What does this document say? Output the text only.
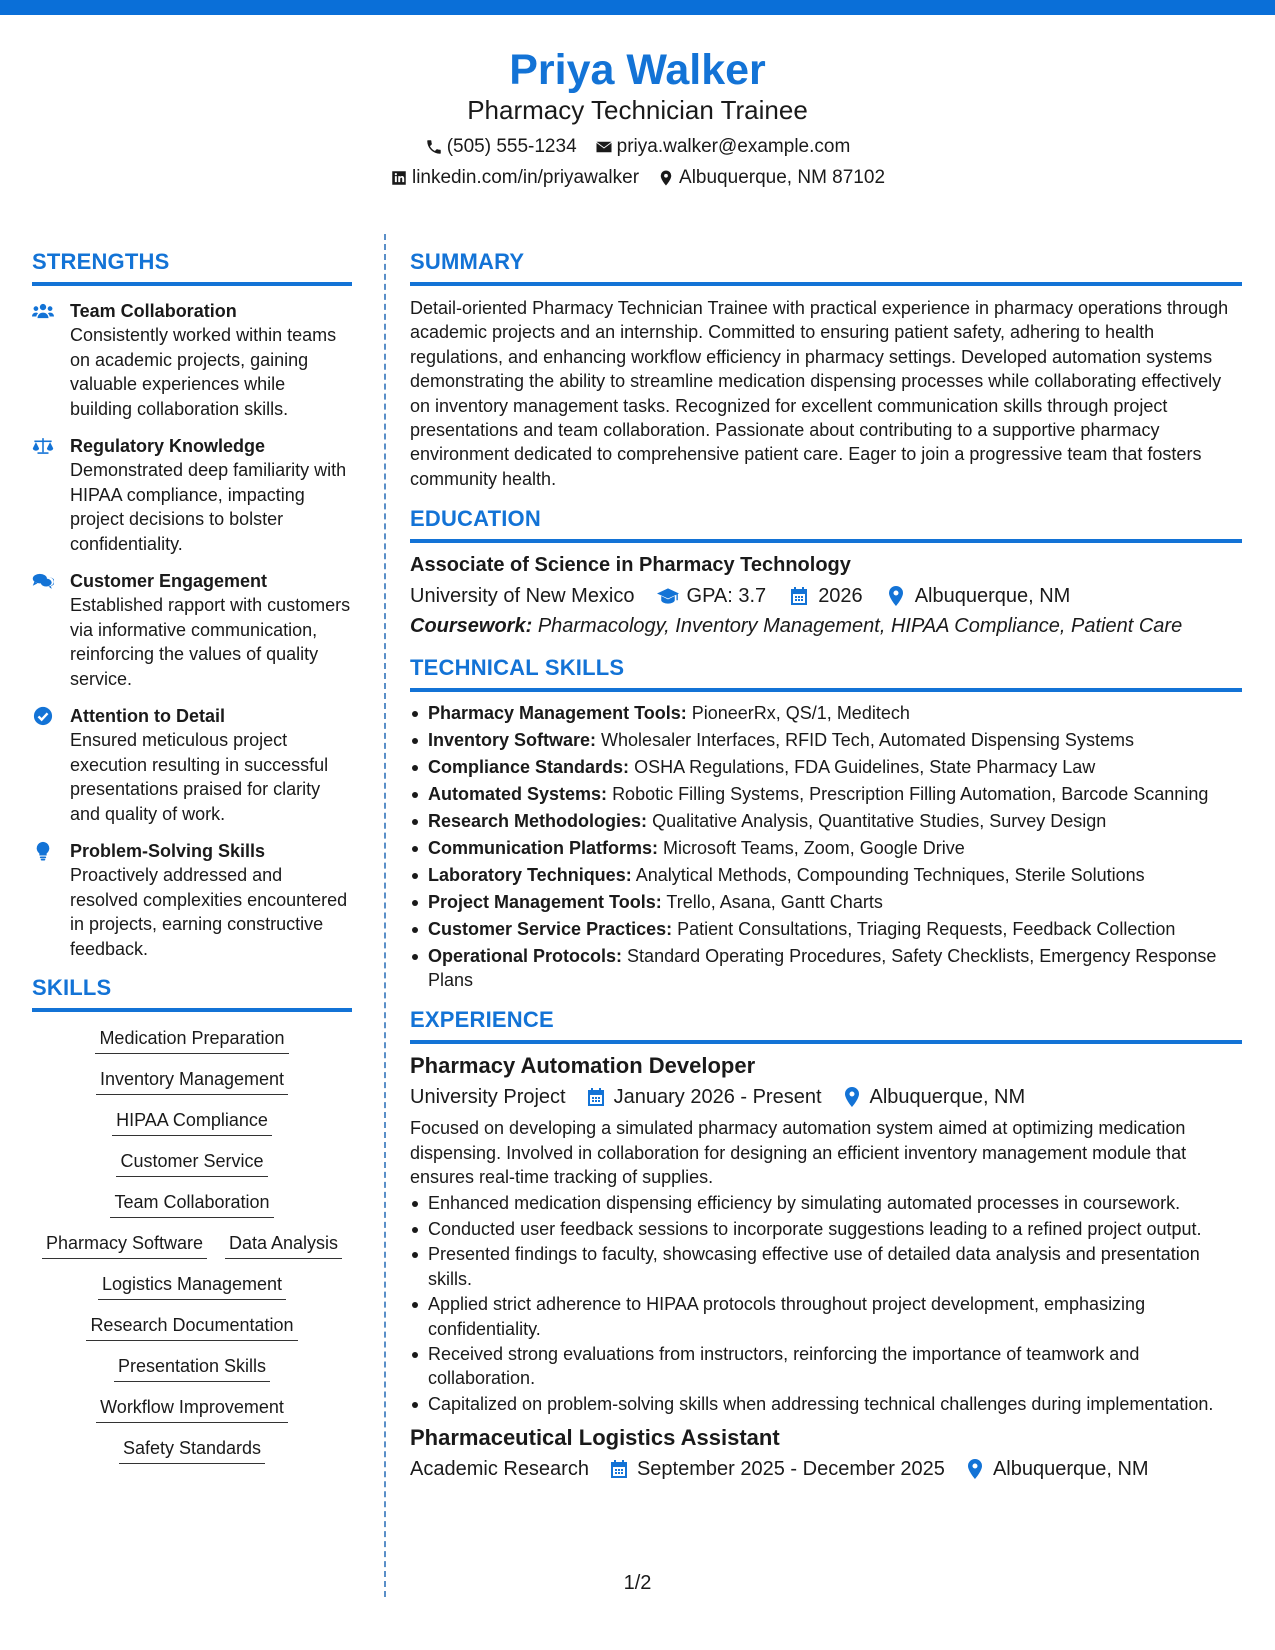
Priya Walker
Pharmacy Technician Trainee
(505) 555-1234 priya.walker@example.com
linkedin.com/in/priyawalker Albuquerque, NM 87102
STRENGTHS
Team Collaboration
Consistently worked within teams on academic projects, gaining valuable experiences while building collaboration skills.
Regulatory Knowledge
Demonstrated deep familiarity with HIPAA compliance, impacting project decisions to bolster confidentiality.
Customer Engagement
Established rapport with customers via informative communication, reinforcing the values of quality service.
Attention to Detail
Ensured meticulous project execution resulting in successful presentations praised for clarity and quality of work.
Problem-Solving Skills
Proactively addressed and resolved complexities encountered in projects, earning constructive feedback.
SKILLS
Medication Preparation
Inventory Management
HIPAA Compliance
Customer Service
Team Collaboration
Pharmacy Software Data Analysis
Logistics Management
Research Documentation
Presentation Skills
Workflow Improvement
Safety Standards
SUMMARY

Detail-oriented Pharmacy Technician Trainee with practical experience in pharmacy operations through academic projects and an internship. Committed to ensuring patient safety, adhering to health regulations, and enhancing workflow efficiency in pharmacy settings. Developed automation systems demonstrating the ability to streamline medication dispensing processes while collaborating effectively on inventory management tasks. Recognized for excellent communication skills through project presentations and team collaboration. Passionate about contributing to a supportive pharmacy environment dedicated to comprehensive patient care. Eager to join a progressive team that fosters community health.

EDUCATION
Associate of Science in Pharmacy Technology
University of New Mexico	GPA: 3.7	2026	Albuquerque, NM
Coursework: Pharmacology, Inventory Management, HIPAA Compliance, Patient Care
TECHNICAL SKILLS
Pharmacy Management Tools: PioneerRx, QS/1, Meditech
Inventory Software: Wholesaler Interfaces, RFID Tech, Automated Dispensing Systems
Compliance Standards: OSHA Regulations, FDA Guidelines, State Pharmacy Law
Automated Systems: Robotic Filling Systems, Prescription Filling Automation, Barcode Scanning
Research Methodologies: Qualitative Analysis, Quantitative Studies, Survey Design
Communication Platforms: Microsoft Teams, Zoom, Google Drive
Laboratory Techniques: Analytical Methods, Compounding Techniques, Sterile Solutions
Project Management Tools: Trello, Asana, Gantt Charts
Customer Service Practices: Patient Consultations, Triaging Requests, Feedback Collection
Operational Protocols: Standard Operating Procedures, Safety Checklists, Emergency Response Plans
EXPERIENCE
Pharmacy Automation Developer
University Project January 2026 - Present Albuquerque, NM

Focused on developing a simulated pharmacy automation system aimed at optimizing medication dispensing. Involved in collaboration for designing an efficient inventory management module that ensures real-time tracking of supplies.

Enhanced medication dispensing efficiency by simulating automated processes in coursework.
Conducted user feedback sessions to incorporate suggestions leading to a refined project output.
Presented findings to faculty, showcasing effective use of detailed data analysis and presentation skills.
Applied strict adherence to HIPAA protocols throughout project development, emphasizing confidentiality.
Received strong evaluations from instructors, reinforcing the importance of teamwork and collaboration.
Capitalized on problem-solving skills when addressing technical challenges during implementation.
Pharmaceutical Logistics Assistant
Academic Research September 2025 - December 2025 Albuquerque, NM
1/2
